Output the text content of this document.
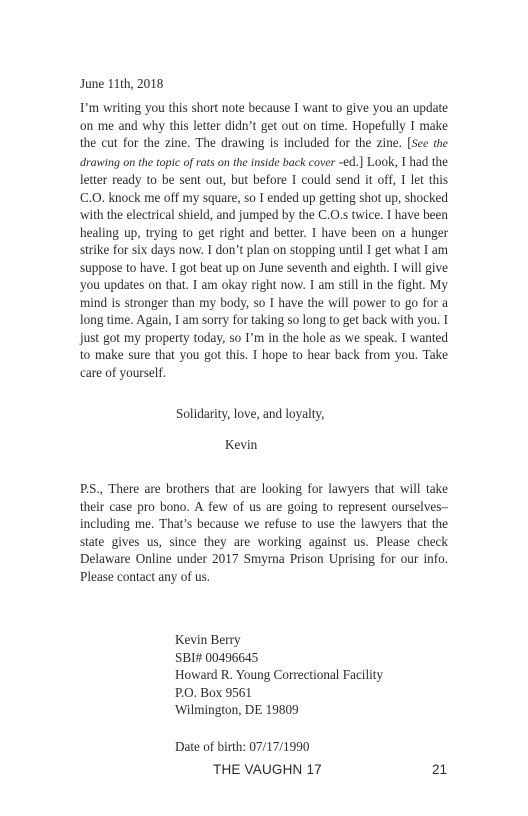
June 11th, 2018

I’m writing you this short note because I want to give you an update on me and why this letter didn’t get out on time. Hopefully I make the cut for the zine. The drawing is included for the zine. [See the drawing on the topic of rats on the inside back cover -ed.] Look, I had the letter ready to be sent out, but before I could send it off, I let this C.O. knock me off my square, so I ended up getting shot up, shocked with the electrical shield, and jumped by the C.O.s twice. I have been healing up, trying to get right and better. I have been on a hunger strike for six days now. I don’t plan on stopping until I get what I am suppose to have. I got beat up on June seventh and eighth. I will give you updates on that. I am okay right now. I am still in the fight. My mind is stronger than my body, so I have the will power to go for a long time. Again, I am sorry for taking so long to get back with you. I just got my property today, so I’m in the hole as we speak. I wanted to make sure that you got this. I hope to hear back from you. Take care of yourself.

Solidarity, love, and loyalty,

Kevin

P.S., There are brothers that are looking for lawyers that will take their case pro bono. A few of us are going to represent ourselves–including me. That’s because we refuse to use the lawyers that the state gives us, since they are working against us. Please check Delaware Online under 2017 Smyrna Prison Uprising for our info. Please contact any of us.

Kevin Berry
SBI# 00496645
Howard R. Young Correctional Facility
P.O. Box 9561
Wilmington, DE 19809

Date of birth: 07/17/1990

THE VAUGHN 17	21
